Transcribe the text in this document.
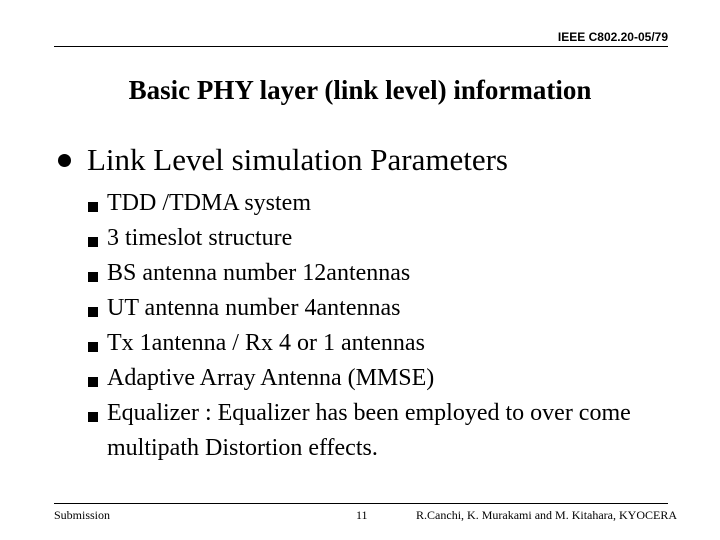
IEEE C802.20-05/79
Basic PHY layer (link level) information
Link Level simulation Parameters
TDD /TDMA system
3 timeslot structure
BS antenna number 12antennas
UT antenna number 4antennas
Tx 1antenna / Rx 4 or 1 antennas
Adaptive Array Antenna (MMSE)
Equalizer : Equalizer has been employed to over come multipath Distortion effects.
Submission	11	R.Canchi, K. Murakami and M. Kitahara, KYOCERA
